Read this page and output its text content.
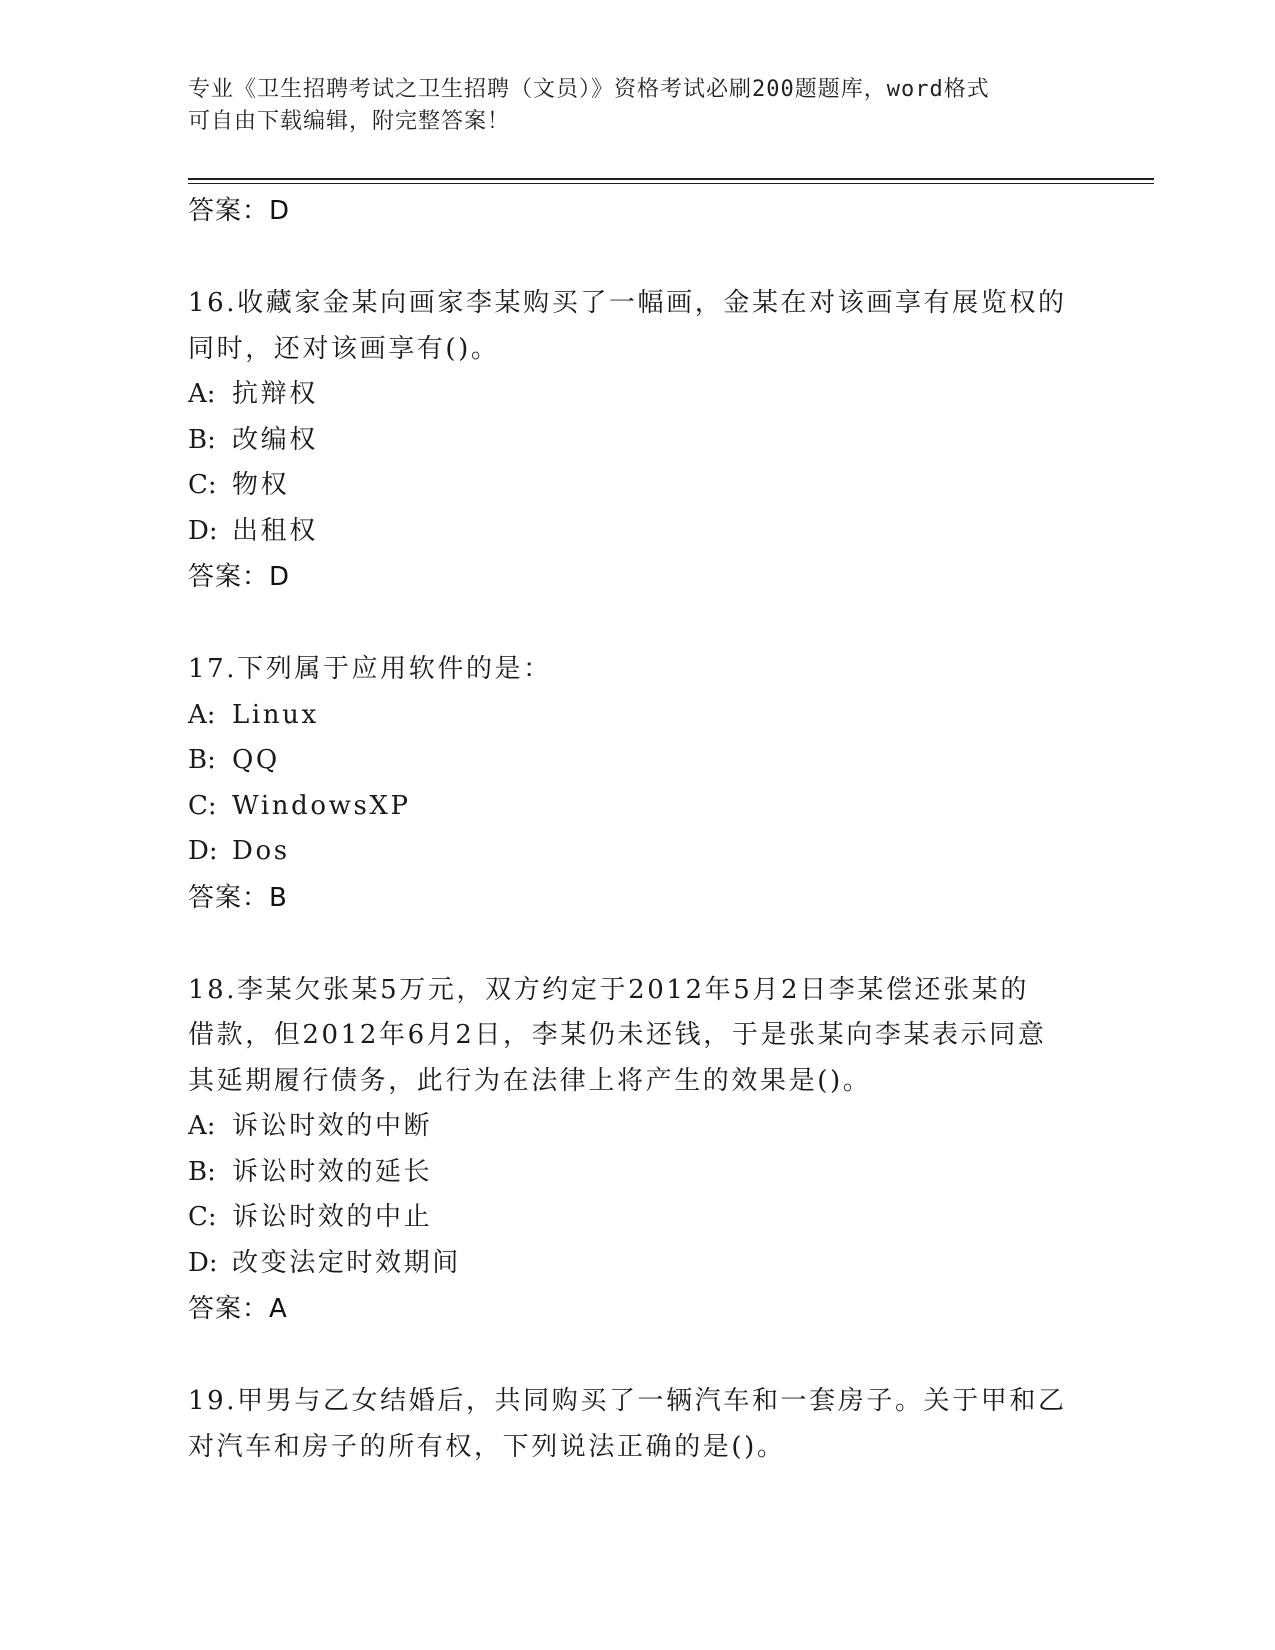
专业《卫生招聘考试之卫生招聘（文员）》资格考试必刷200题题库，word格式
可自由下载编辑，附完整答案！
答案：D
16.收藏家金某向画家李某购买了一幅画，金某在对该画享有展览权的
同时，还对该画享有()。
A: 抗辩权
B: 改编权
C: 物权
D: 出租权
答案：D
17.下列属于应用软件的是：
A: Linux
B: QQ
C: WindowsXP
D: Dos
答案：B
18.李某欠张某5万元，双方约定于2012年5月2日李某偿还张某的
借款，但2012年6月2日，李某仍未还钱，于是张某向李某表示同意
其延期履行债务，此行为在法律上将产生的效果是()。
A: 诉讼时效的中断
B: 诉讼时效的延长
C: 诉讼时效的中止
D: 改变法定时效期间
答案：A
19.甲男与乙女结婚后，共同购买了一辆汽车和一套房子。关于甲和乙
对汽车和房子的所有权，下列说法正确的是()。
